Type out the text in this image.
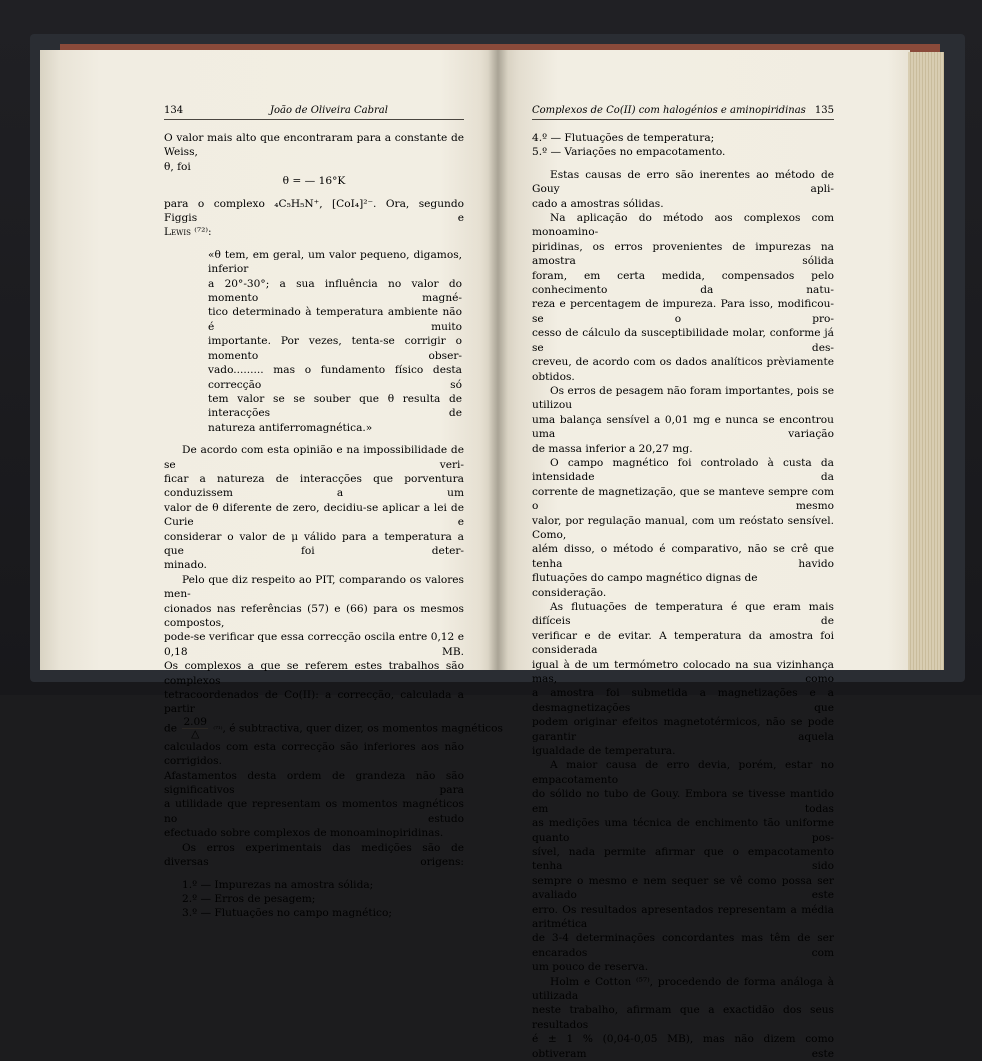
134	João de Oliveira Cabral
O valor mais alto que encontraram para a constante de Weiss,
θ, foi
θ = — 16°K
para o complexo ₄C₅H₅N⁺, [CoI₄]²⁻. Ora, segundo Figgis e
Lewis ⁽⁷²⁾:
«θ tem, em geral, um valor pequeno, digamos, inferior
a 20°-30°; a sua influência no valor do momento magné-
tico determinado à temperatura ambiente não é muito
importante. Por vezes, tenta-se corrigir o momento obser-
vado......... mas o fundamento físico desta correcção só
tem valor se se souber que θ resulta de interacções de
natureza antiferromagnética.»
De acordo com esta opinião e na impossibilidade de se veri-
ficar a natureza de interacções que porventura conduzissem a um
valor de θ diferente de zero, decidiu-se aplicar a lei de Curie e
considerar o valor de μ válido para a temperatura a que foi deter-
minado.
Pelo que diz respeito ao PIT, comparando os valores men-
cionados nas referências (57) e (66) para os mesmos compostos,
pode-se verificar que essa correcção oscila entre 0,12 e 0,18 MB.
Os complexos a que se referem estes trabalhos são complexos
tetracoordenados de Co(II): a correcção, calculada a partir
de $\frac{2.09}{\triangle} ^{(71)}$, é subtractiva, quer dizer, os momentos magnéticos
calculados com esta correcção são inferiores aos não corrigidos.
Afastamentos desta ordem de grandeza não são significativos para
a utilidade que representam os momentos magnéticos no estudo
efectuado sobre complexos de monoaminopiridinas.
Os erros experimentais das medições são de diversas origens:
1.º — Impurezas na amostra sólida;
2.º — Erros de pesagem;
3.º — Flutuações no campo magnético;
Complexos de Co(II) com halogénios e aminopiridinas 135
4.º — Flutuações de temperatura;
5.º — Variações no empacotamento.
Estas causas de erro são inerentes ao método de Gouy apli-
cado a amostras sólidas.
Na aplicação do método aos complexos com monoamino-
piridinas, os erros provenientes de impurezas na amostra sólida
foram, em certa medida, compensados pelo conhecimento da natu-
reza e percentagem de impureza. Para isso, modificou-se o pro-
cesso de cálculo da susceptibilidade molar, conforme já se des-
creveu, de acordo com os dados analíticos prèviamente obtidos.
Os erros de pesagem não foram importantes, pois se utilizou
uma balança sensível a 0,01 mg e nunca se encontrou uma variação
de massa inferior a 20,27 mg.
O campo magnético foi controlado à custa da intensidade da
corrente de magnetização, que se manteve sempre com o mesmo
valor, por regulação manual, com um reóstato sensível. Como,
além disso, o método é comparativo, não se crê que tenha havido
flutuações do campo magnético dignas de consideração.
As flutuações de temperatura é que eram mais difíceis de
verificar e de evitar. A temperatura da amostra foi considerada
igual à de um termómetro colocado na sua vizinhança mas, como
a amostra foi submetida a magnetizações e a desmagnetizações que
podem originar efeitos magnetotérmicos, não se pode garantir aquela
igualdade de temperatura.
A maior causa de erro devia, porém, estar no empacotamento
do sólido no tubo de Gouy. Embora se tivesse mantido em todas
as medições uma técnica de enchimento tão uniforme quanto pos-
sível, nada permite afirmar que o empacotamento tenha sido
sempre o mesmo e nem sequer se vê como possa ser avaliado este
erro. Os resultados apresentados representam a média aritmética
de 3-4 determinações concordantes mas têm de ser encarados com
um pouco de reserva.
Holm e Cotton ⁽⁵⁷⁾, procedendo de forma análoga à utilizada
neste trabalho, afirmam que a exactidão dos seus resultados
é ± 1 % (0,04-0,05 MB), mas não dizem como obtiveram este
